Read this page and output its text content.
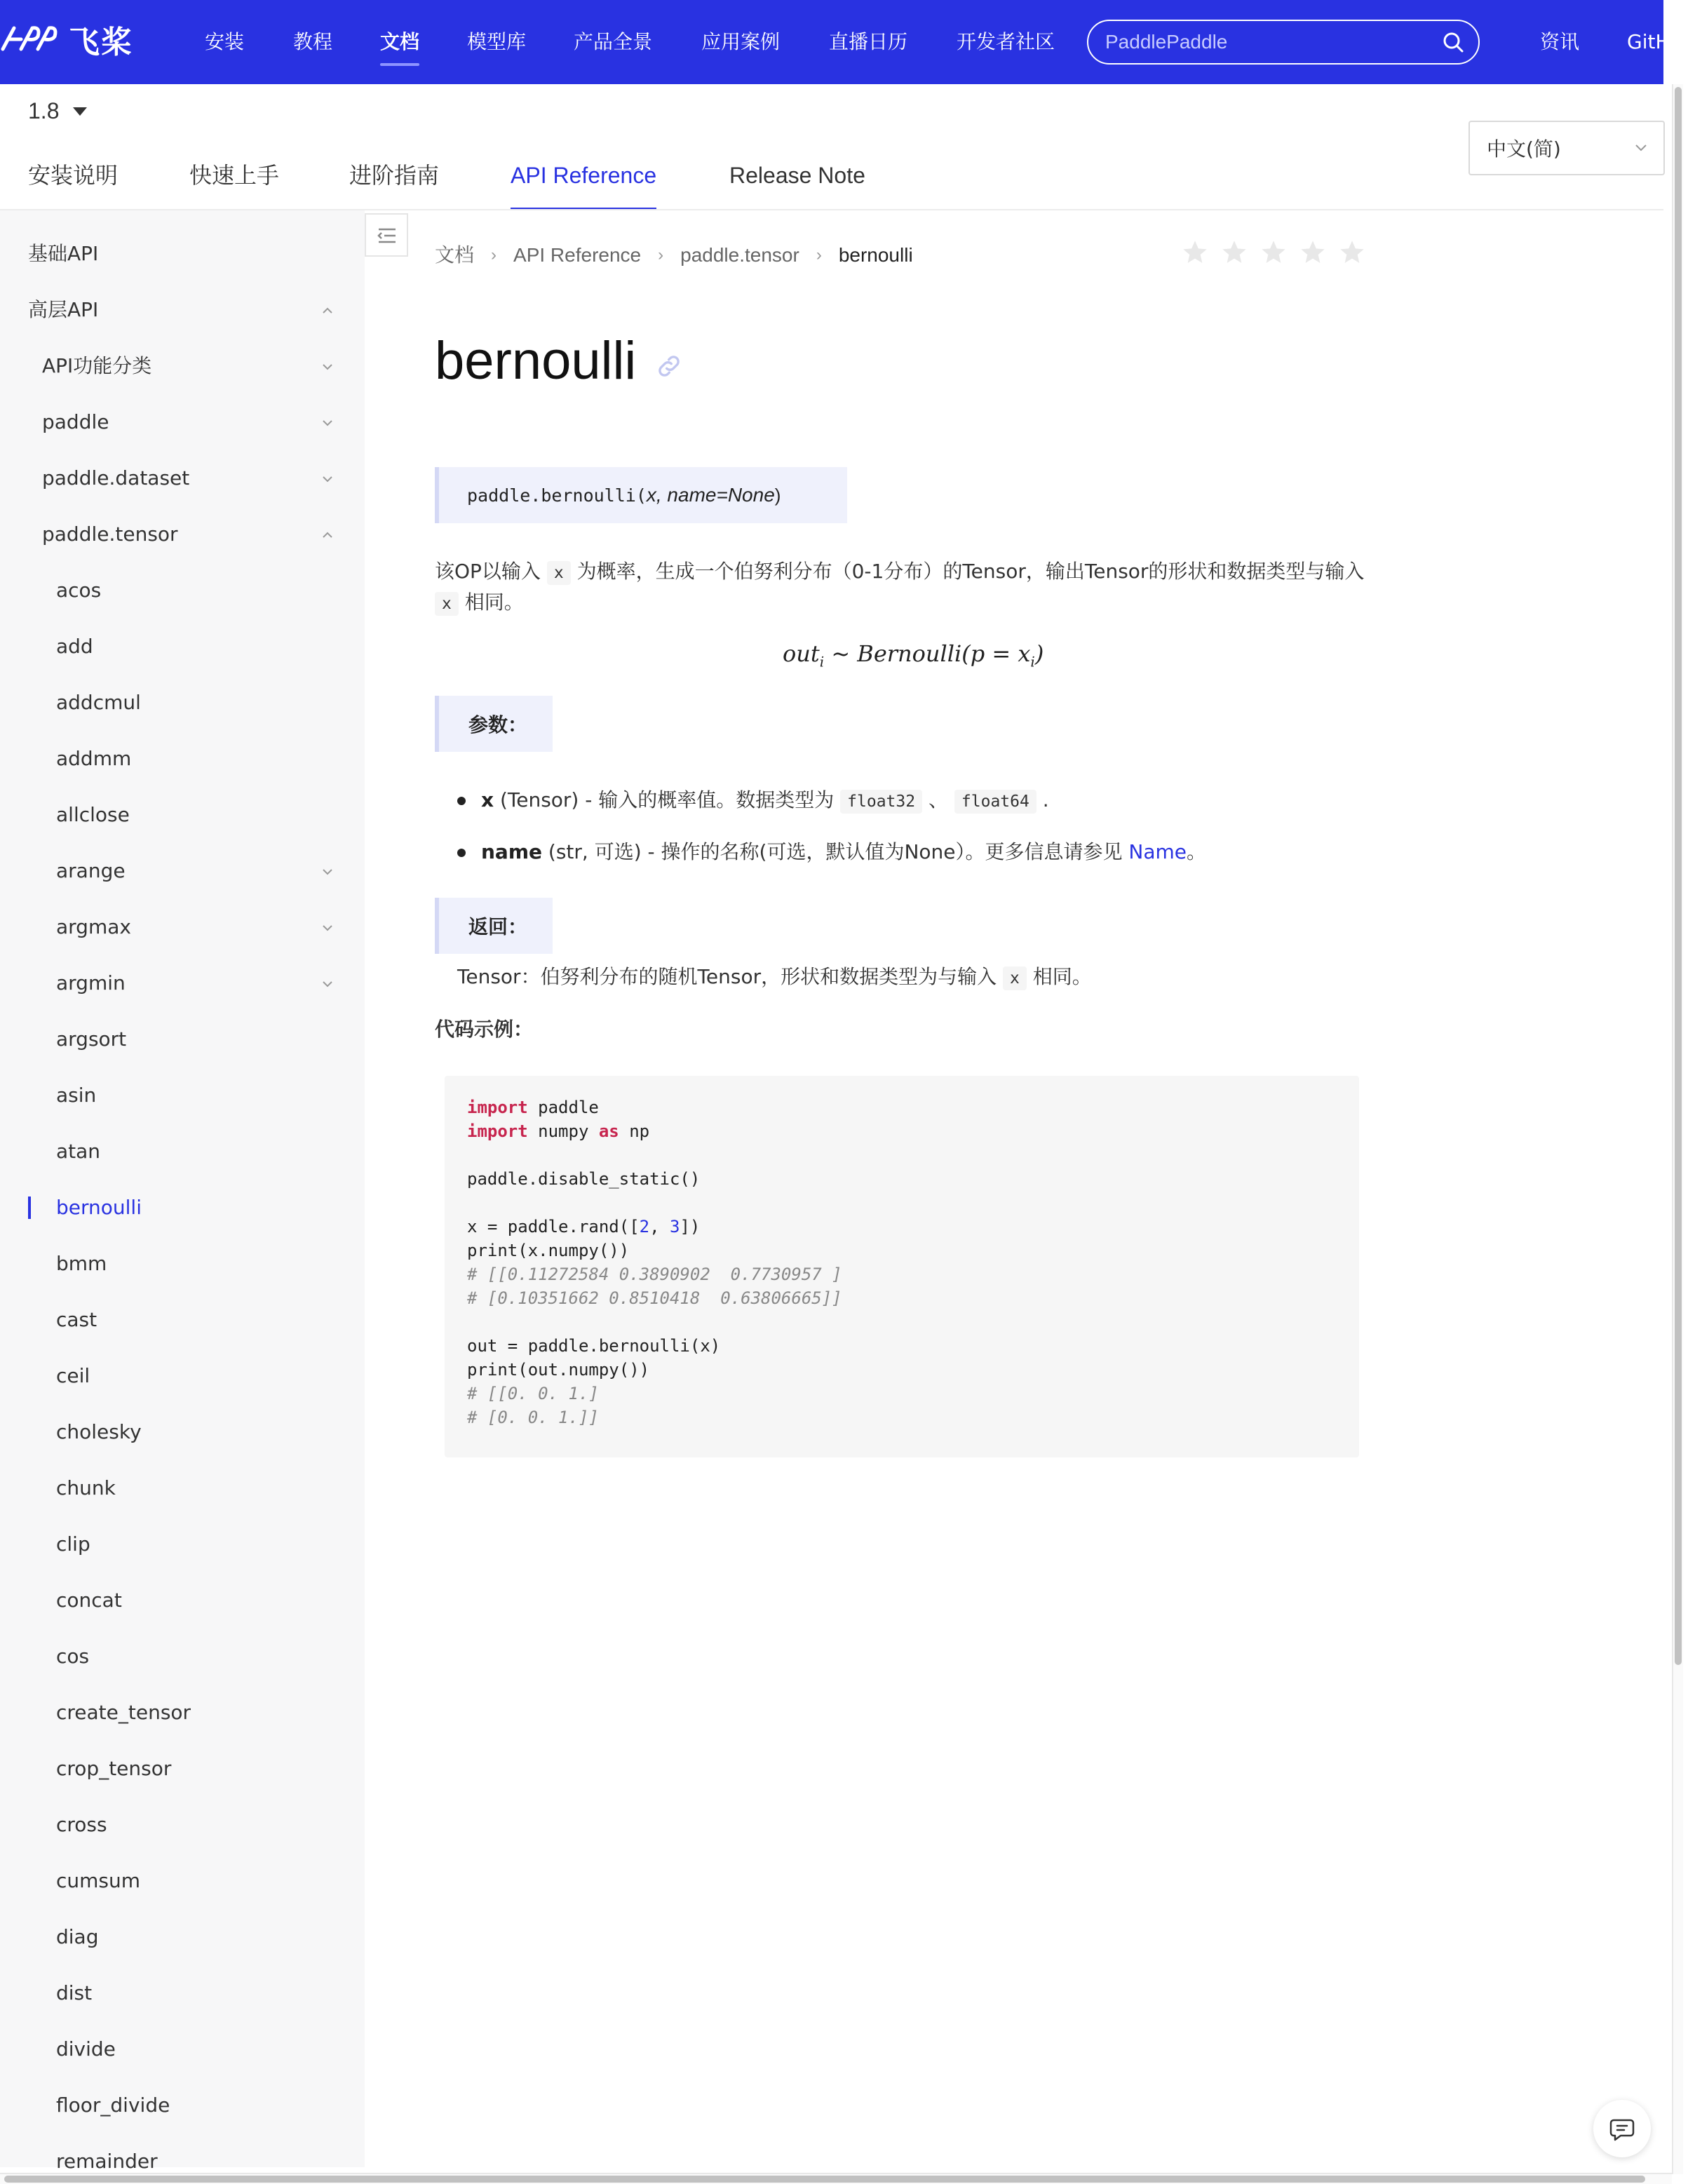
飞桨	安装 教程 文档 模型库 产品全景 应用案例 直播日历 开发者社区
PaddlePaddle	资讯 GitHub
1.8
安装说明	快速上手	进阶指南	API Reference	Release Note
中文(简)
基础API
高层API
API功能分类
paddle
paddle.dataset
paddle.tensor
acos
add
addcmul
addmm
allclose
arange
argmax
argmin
argsort
asin
atan
bernoulli
bmm
cast
ceil
cholesky
chunk
clip
concat
cos
create_tensor
crop_tensor
cross
cumsum
diag
dist
divide
floor_divide
remainder
文档 › API Reference › paddle.tensor › bernoulli
bernoulli
paddle.bernoulli( x, name=None )
该OP以输入 x 为概率，生成一个伯努利分布（0-1分布）的Tensor，输出Tensor的形状和数据类型与输入
x 相同。
out$_i$ ~ Bernoulli(p = $x_i$)
参数：
x (Tensor) - 输入的概率值。数据类型为 float32 、 float64 .
name (str, 可选) - 操作的名称(可选，默认值为None）。更多信息请参见 Name。
返回：
Tensor：伯努利分布的随机Tensor，形状和数据类型为与输入 x 相同。
代码示例：
import paddle
import numpy as np

paddle.disable_static()

x = paddle.rand([2, 3])
print(x.numpy())
# [[0.11272584 0.3890902  0.7730957 ]
# [0.10351662 0.8510418  0.63806665]]

out = paddle.bernoulli(x)
print(out.numpy())
# [[0. 0. 1.]
# [0. 0. 1.]]
